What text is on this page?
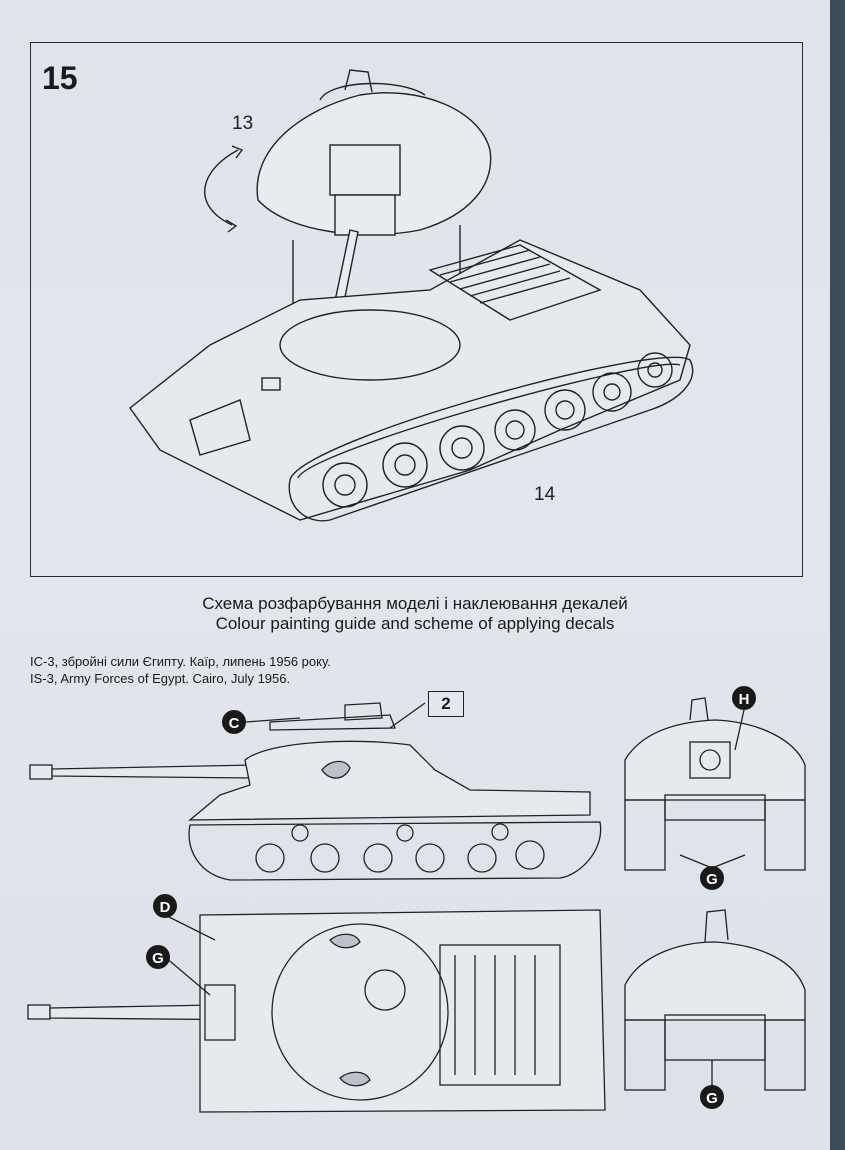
15
13
14
Схема розфарбування моделі і наклеювання декалей
Colour painting guide and scheme of applying decals
ІС-3, збройні сили Єгипту. Каїр, липень 1956 року.
IS-3, Army Forces of Egypt. Cairo, July 1956.
C
H
G
D
G
G
2
